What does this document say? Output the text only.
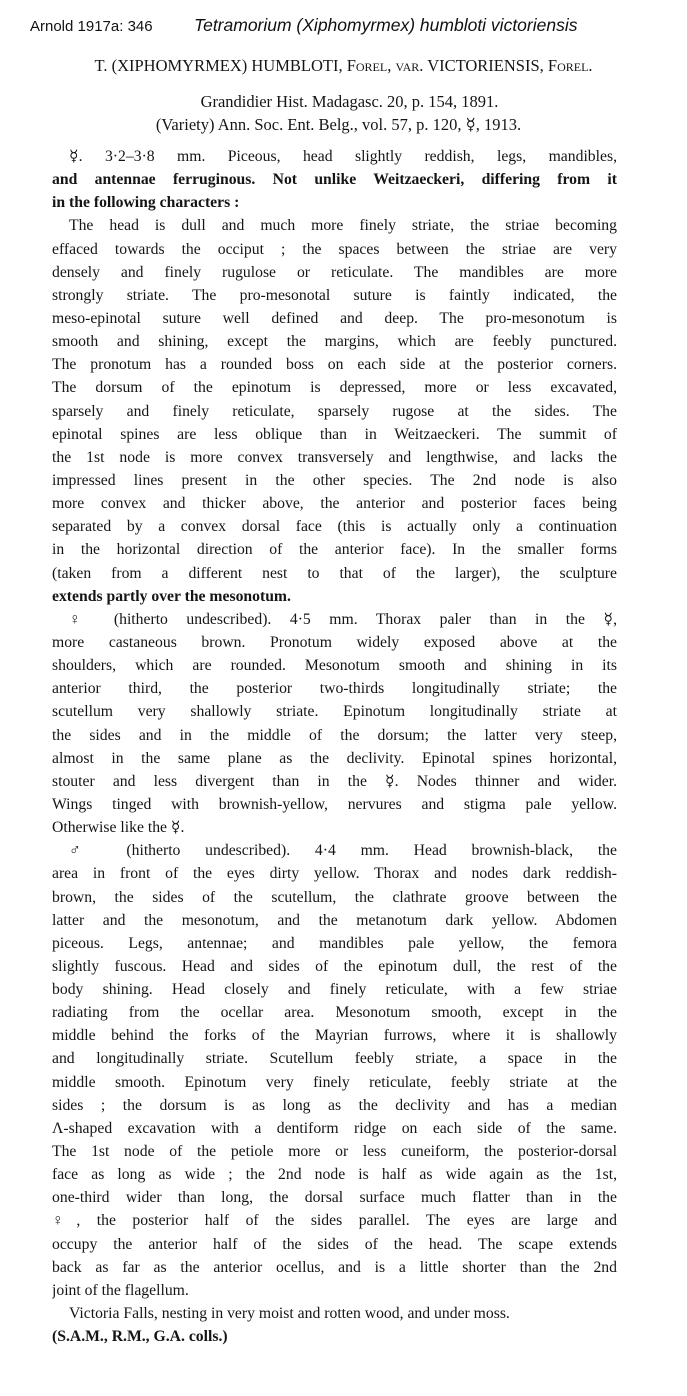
Arnold 1917a: 346 Tetramorium (Xiphomyrmex) humbloti victoriensis
T. (XIPHOMYRMEX) HUMBLOTI, Forel, var. VICTORIENSIS, Forel.
Grandidier Hist. Madagasc. 20, p. 154, 1891.
(Variety) Ann. Soc. Ent. Belg., vol. 57, p. 120, ☿, 1913.
☿. 3·2–3·8 mm. Piceous, head slightly reddish, legs, mandibles,
and antennae ferruginous. Not unlike Weitzaeckeri, differing from it
in the following characters :
The head is dull and much more finely striate, the striae becoming
effaced towards the occiput ; the spaces between the striae are very
densely and finely rugulose or reticulate. The mandibles are more
strongly striate. The pro-mesonotal suture is faintly indicated, the
meso-epinotal suture well defined and deep. The pro-mesonotum is
smooth and shining, except the margins, which are feebly punctured.
The pronotum has a rounded boss on each side at the posterior corners.
The dorsum of the epinotum is depressed, more or less excavated,
sparsely and finely reticulate, sparsely rugose at the sides. The
epinotal spines are less oblique than in Weitzaeckeri. The summit of
the 1st node is more convex transversely and lengthwise, and lacks the
impressed lines present in the other species. The 2nd node is also
more convex and thicker above, the anterior and posterior faces being
separated by a convex dorsal face (this is actually only a continuation
in the horizontal direction of the anterior face). In the smaller forms
(taken from a different nest to that of the larger), the sculpture
extends partly over the mesonotum.
♀ (hitherto undescribed). 4·5 mm. Thorax paler than in the ☿,
more castaneous brown. Pronotum widely exposed above at the
shoulders, which are rounded. Mesonotum smooth and shining in its
anterior third, the posterior two-thirds longitudinally striate; the
scutellum very shallowly striate. Epinotum longitudinally striate at
the sides and in the middle of the dorsum; the latter very steep,
almost in the same plane as the declivity. Epinotal spines horizontal,
stouter and less divergent than in the ☿. Nodes thinner and wider.
Wings tinged with brownish-yellow, nervures and stigma pale yellow.
Otherwise like the ☿.
♂ (hitherto undescribed). 4·4 mm. Head brownish-black, the
area in front of the eyes dirty yellow. Thorax and nodes dark reddish-
brown, the sides of the scutellum, the clathrate groove between the
latter and the mesonotum, and the metanotum dark yellow. Abdomen
piceous. Legs, antennae; and mandibles pale yellow, the femora
slightly fuscous. Head and sides of the epinotum dull, the rest of the
body shining. Head closely and finely reticulate, with a few striae
radiating from the ocellar area. Mesonotum smooth, except in the
middle behind the forks of the Mayrian furrows, where it is shallowly
and longitudinally striate. Scutellum feebly striate, a space in the
middle smooth. Epinotum very finely reticulate, feebly striate at the
sides ; the dorsum is as long as the declivity and has a median
Λ-shaped excavation with a dentiform ridge on each side of the same.
The 1st node of the petiole more or less cuneiform, the posterior-dorsal
face as long as wide ; the 2nd node is half as wide again as the 1st,
one-third wider than long, the dorsal surface much flatter than in the
♀, the posterior half of the sides parallel. The eyes are large and
occupy the anterior half of the sides of the head. The scape extends
back as far as the anterior ocellus, and is a little shorter than the 2nd
joint of the flagellum.
Victoria Falls, nesting in very moist and rotten wood, and under moss.
(S.A.M., R.M., G.A. colls.)
